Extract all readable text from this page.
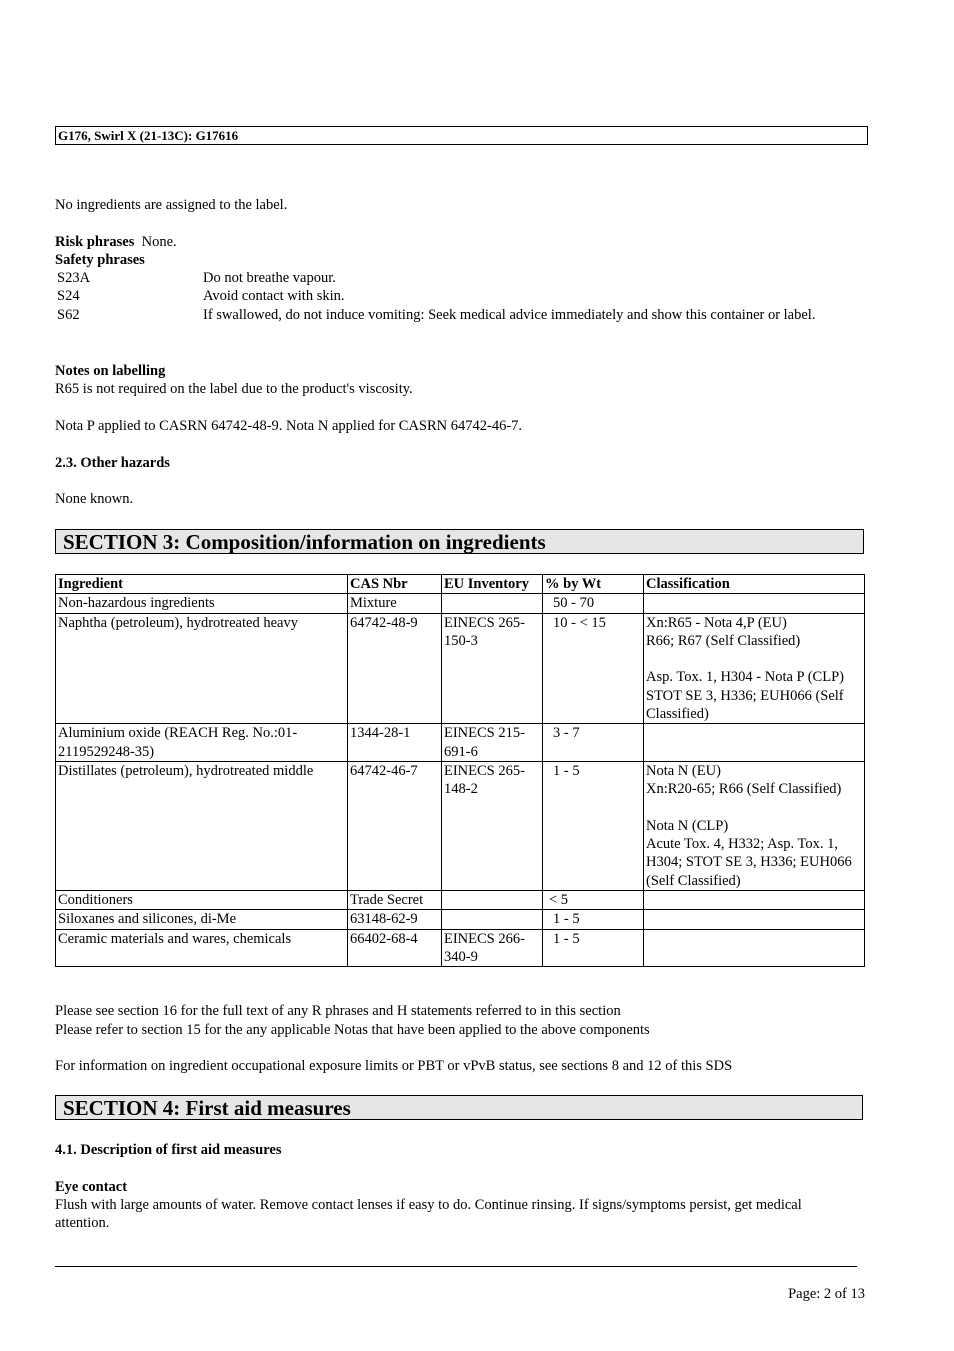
G176, Swirl X (21-13C): G17616
No ingredients are assigned to the label.
Risk phrases None.
Safety phrases
S23A	Do not breathe vapour.
S24	Avoid contact with skin.
S62	If swallowed, do not induce vomiting: Seek medical advice immediately and show this container or label.
Notes on labelling
R65 is not required on the label due to the product's viscosity.
Nota P applied to CASRN 64742-48-9. Nota N applied for CASRN 64742-46-7.
2.3. Other hazards
None known.
SECTION 3: Composition/information on ingredients
Ingredient	CAS Nbr	EU Inventory	% by Wt	Classification
Non-hazardous ingredients	Mixture		50 - 70	
Naphtha (petroleum), hydrotreated heavy	64742-48-9	EINECS 265-150-3	10 - < 15	Xn:R65 - Nota 4,P (EU)
R66; R67 (Self Classified)
Asp. Tox. 1, H304 - Nota P (CLP)
STOT SE 3, H336; EUH066 (Self Classified)

Aluminium oxide (REACH Reg. No.:01-2119529248-35)	1344-28-1	EINECS 215-691-6	3 - 7	
Distillates (petroleum), hydrotreated middle	64742-46-7	EINECS 265-148-2	1 - 5	Nota N (EU)
Xn:R20-65; R66 (Self Classified)
Nota N (CLP)
Acute Tox. 4, H332; Asp. Tox. 1, H304; STOT SE 3, H336; EUH066 (Self Classified)

Conditioners	Trade Secret		< 5	
Siloxanes and silicones, di-Me	63148-62-9		1 - 5	
Ceramic materials and wares, chemicals	66402-68-4	EINECS 266-340-9	1 - 5	
Please see section 16 for the full text of any R phrases and H statements referred to in this section
Please refer to section 15 for the any applicable Notas that have been applied to the above components
For information on ingredient occupational exposure limits or PBT or vPvB status, see sections 8 and 12 of this SDS
SECTION 4: First aid measures
4.1. Description of first aid measures
Eye contact
Flush with large amounts of water. Remove contact lenses if easy to do. Continue rinsing. If signs/symptoms persist, get medical attention.
Page: 2 of 13
